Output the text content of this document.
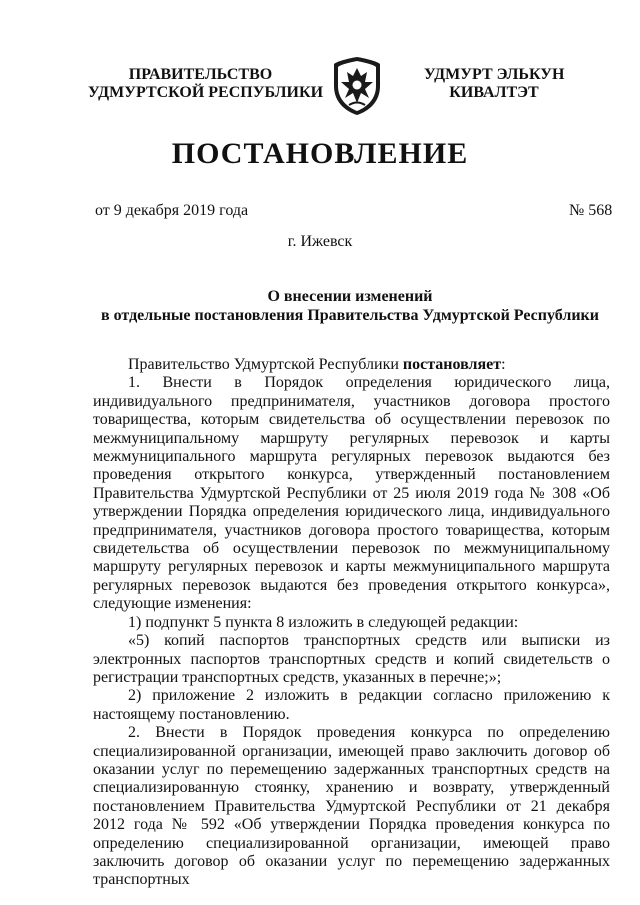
ПРАВИТЕЛЬСТВО
УДМУРТСКОЙ РЕСПУБЛИКИ
УДМУРТ ЭЛЬКУН
КИВАЛТЭТ
ПОСТАНОВЛЕНИЕ
от 9 декабря 2019 года	№ 568
г. Ижевск
О внесении изменений
в отдельные постановления Правительства Удмуртской Республики

Правительство Удмуртской Республики постановляет:

1. Внести в Порядок определения юридического лица, индивидуального предпринимателя, участников договора простого товарищества, которым свидетельства об осуществлении перевозок по межмуниципальному маршруту регулярных перевозок и карты межмуниципального маршрута регулярных перевозок выдаются без проведения открытого конкурса, утвержденный постановлением Правительства Удмуртской Республики от 25 июля 2019 года № 308 «Об утверждении Порядка определения юридического лица, индивидуального предпринимателя, участников договора простого товарищества, которым свидетельства об осуществлении перевозок по межмуниципальному маршруту регулярных перевозок и карты межмуниципального маршрута регулярных перевозок выдаются без проведения открытого конкурса», следующие изменения:

1) подпункт 5 пункта 8 изложить в следующей редакции:

«5) копий паспортов транспортных средств или выписки из электронных паспортов транспортных средств и копий свидетельств о регистрации транспортных средств, указанных в перечне;»;

2) приложение 2 изложить в редакции согласно приложению к настоящему постановлению.

2. Внести в Порядок проведения конкурса по определению специализированной организации, имеющей право заключить договор об оказании услуг по перемещению задержанных транспортных средств на специализированную стоянку, хранению и возврату, утвержденный постановлением Правительства Удмуртской Республики от 21 декабря 2012 года № 592 «Об утверждении Порядка проведения конкурса по определению специализированной организации, имеющей право заключить договор об оказании услуг по перемещению задержанных транспортных
